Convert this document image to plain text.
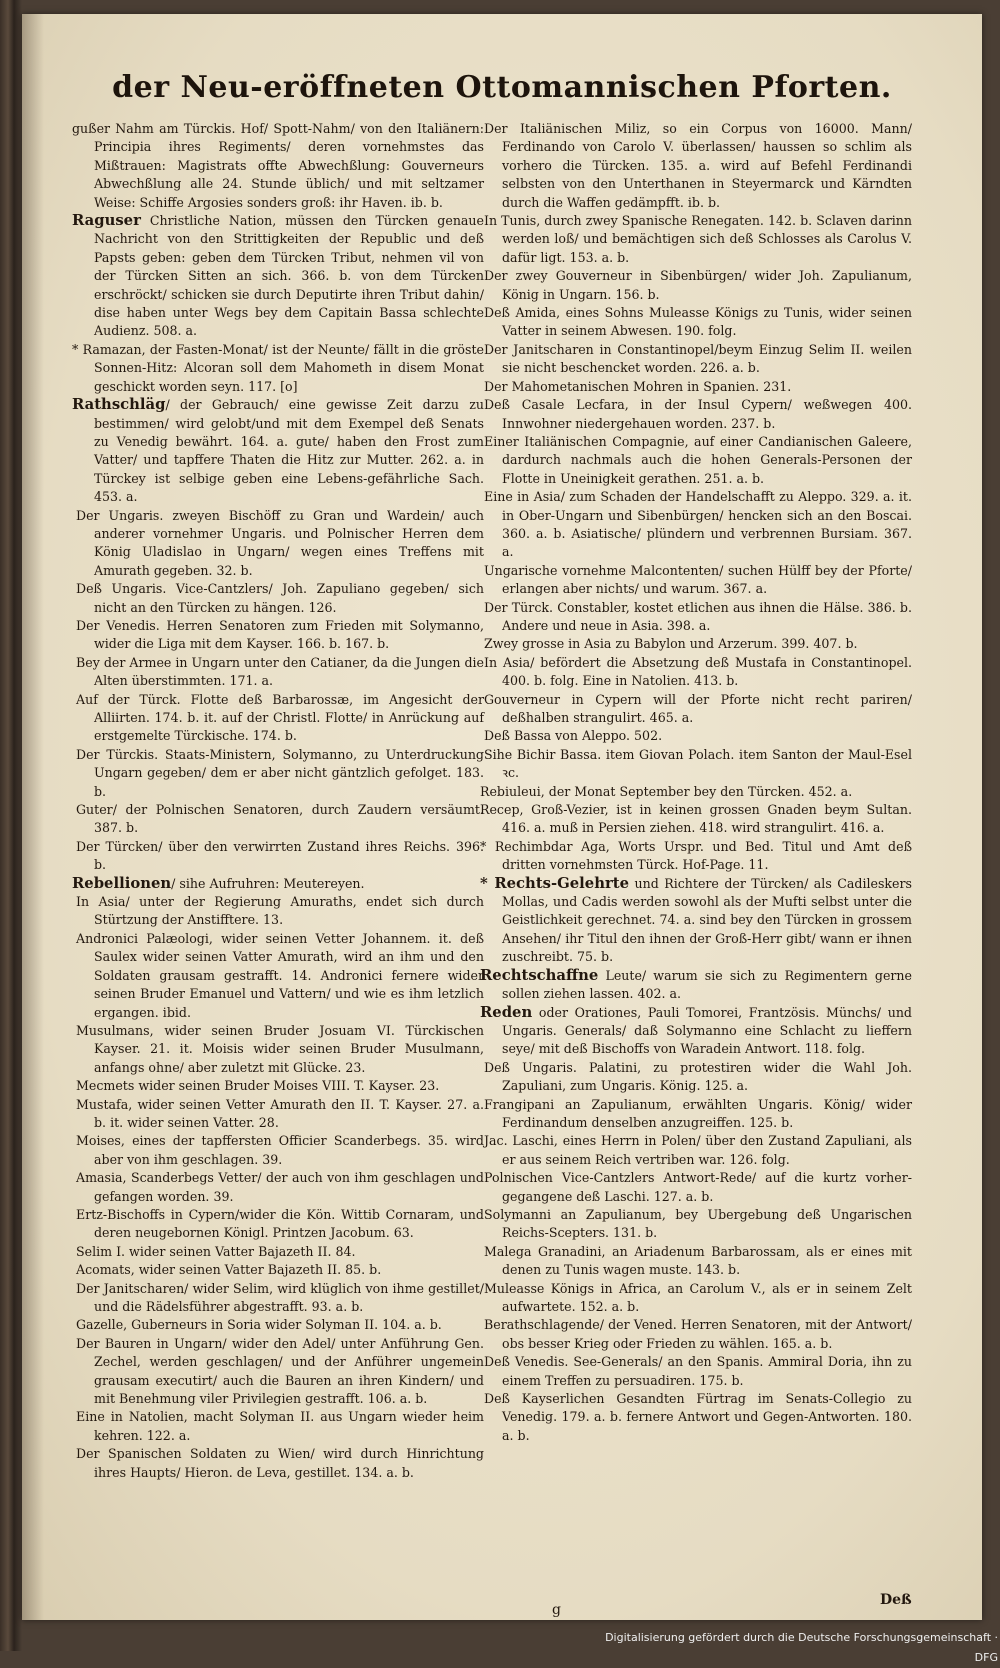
der Neu-eröffneten Ottomannischen Pforten.

gußer Nahm am Türckis. Hof/ Spott-Nahm/ von den Italiänern: Principia ihres Regiments/ deren vornehmstes das Mißtrauen: Magistrats offte Abwechßlung: Gouverneurs Abwechßlung alle 24. Stunde üblich/ und mit seltzamer Weise: Schiffe Argosies sonders groß: ihr Haven. ib. b.

Raguser Christliche Nation, müssen den Türcken genaue Nachricht von den Strittigkeiten der Republic und deß Papsts geben: geben dem Türcken Tribut, nehmen vil von der Türcken Sitten an sich. 366. b. von dem Türcken erschröckt/ schicken sie durch Deputirte ihren Tribut dahin/ dise haben unter Wegs bey dem Capitain Bassa schlechte Audienz. 508. a.

* Ramazan, der Fasten-Monat/ ist der Neunte/ fällt in die gröste Sonnen-Hitz: Alcoran soll dem Mahometh in disem Monat geschickt worden seyn. 117. [o]

Rathschläg/ der Gebrauch/ eine gewisse Zeit darzu zu bestimmen/ wird gelobt/und mit dem Exempel deß Senats zu Venedig bewährt. 164. a. gute/ haben den Frost zum Vatter/ und tapffere Thaten die Hitz zur Mutter. 262. a. in Türckey ist selbige geben eine Lebens-gefährliche Sach. 453. a.

Der Ungaris. zweyen Bischöff zu Gran und Wardein/ auch anderer vornehmer Ungaris. und Polnischer Herren dem König Uladislao in Ungarn/ wegen eines Treffens mit Amurath gegeben. 32. b.

Deß Ungaris. Vice-Cantzlers/ Joh. Zapuliano gegeben/ sich nicht an den Türcken zu hängen. 126.

Der Venedis. Herren Senatoren zum Frieden mit Solymanno, wider die Liga mit dem Kayser. 166. b. 167. b.

Bey der Armee in Ungarn unter den Catianer, da die Jungen die Alten überstimmten. 171. a.

Auf der Türck. Flotte deß Barbarossæ, im Angesicht der Alliirten. 174. b. it. auf der Christl. Flotte/ in Anrückung auf erstgemelte Türckische. 174. b.

Der Türckis. Staats-Ministern, Solymanno, zu Unterdruckung Ungarn gegeben/ dem er aber nicht gäntzlich gefolget. 183. b.

Guter/ der Polnischen Senatoren, durch Zaudern versäumt. 387. b.

Der Türcken/ über den verwirrten Zustand ihres Reichs. 396. b.

Rebellionen/ sihe Aufruhren: Meutereyen.

In Asia/ unter der Regierung Amuraths, endet sich durch Stürtzung der Anstifftere. 13.

Andronici Palæologi, wider seinen Vetter Johannem. it. deß Saulex wider seinen Vatter Amurath, wird an ihm und den Soldaten grausam gestrafft. 14. Andronici fernere wider seinen Bruder Emanuel und Vattern/ und wie es ihm letzlich ergangen. ibid.

Musulmans, wider seinen Bruder Josuam VI. Türckischen Kayser. 21. it. Moisis wider seinen Bruder Musulmann, anfangs ohne/ aber zuletzt mit Glücke. 23.

Mecmets wider seinen Bruder Moises VIII. T. Kayser. 23.

Mustafa, wider seinen Vetter Amurath den II. T. Kayser. 27. a. b. it. wider seinen Vatter. 28.

Moises, eines der tapffersten Officier Scanderbegs. 35. wird aber von ihm geschlagen. 39.

Amasia, Scanderbegs Vetter/ der auch von ihm geschlagen und gefangen worden. 39.

Ertz-Bischoffs in Cypern/wider die Kön. Wittib Cornaram, und deren neugebornen Königl. Printzen Jacobum. 63.

Selim I. wider seinen Vatter Bajazeth II. 84.

Acomats, wider seinen Vatter Bajazeth II. 85. b.

Der Janitscharen/ wider Selim, wird klüglich von ihme gestillet/ und die Rädelsführer abgestrafft. 93. a. b.

Gazelle, Guberneurs in Soria wider Solyman II. 104. a. b.

Der Bauren in Ungarn/ wider den Adel/ unter Anführung Gen. Zechel, werden geschlagen/ und der Anführer ungemein grausam executirt/ auch die Bauren an ihren Kindern/ und mit Benehmung viler Privilegien gestrafft. 106. a. b.

Eine in Natolien, macht Solyman II. aus Ungarn wieder heim kehren. 122. a.

Der Spanischen Soldaten zu Wien/ wird durch Hinrichtung ihres Haupts/ Hieron. de Leva, gestillet. 134. a. b.

Der Italiänischen Miliz, so ein Corpus von 16000. Mann/ Ferdinando von Carolo V. überlassen/ haussen so schlim als vorhero die Türcken. 135. a. wird auf Befehl Ferdinandi selbsten von den Unterthanen in Steyermarck und Kärndten durch die Waffen gedämpfft. ib. b.

In Tunis, durch zwey Spanische Renegaten. 142. b. Sclaven darinn werden loß/ und bemächtigen sich deß Schlosses als Carolus V. dafür ligt. 153. a. b.

Der zwey Gouverneur in Sibenbürgen/ wider Joh. Zapulianum, König in Ungarn. 156. b.

Deß Amida, eines Sohns Muleasse Königs zu Tunis, wider seinen Vatter in seinem Abwesen. 190. folg.

Der Janitscharen in Constantinopel/beym Einzug Selim II. weilen sie nicht beschencket worden. 226. a. b.

Der Mahometanischen Mohren in Spanien. 231.

Deß Casale Lecfara, in der Insul Cypern/ weßwegen 400. Innwohner niedergehauen worden. 237. b.

Einer Italiänischen Compagnie, auf einer Candianischen Galeere, dardurch nachmals auch die hohen Generals-Personen der Flotte in Uneinigkeit gerathen. 251. a. b.

Eine in Asia/ zum Schaden der Handelschafft zu Aleppo. 329. a. it. in Ober-Ungarn und Sibenbürgen/ hencken sich an den Boscai. 360. a. b. Asiatische/ plündern und verbrennen Bursiam. 367. a.

Ungarische vornehme Malcontenten/ suchen Hülff bey der Pforte/ erlangen aber nichts/ und warum. 367. a.

Der Türck. Constabler, kostet etlichen aus ihnen die Hälse. 386. b. Andere und neue in Asia. 398. a.

Zwey grosse in Asia zu Babylon und Arzerum. 399. 407. b.

In Asia/ befördert die Absetzung deß Mustafa in Constantinopel. 400. b. folg. Eine in Natolien. 413. b.

Gouverneur in Cypern will der Pforte nicht recht pariren/ deßhalben strangulirt. 465. a.

Deß Bassa von Aleppo. 502.

Sihe Bichir Bassa. item Giovan Polach. item Santon der Maul-Esel ꝛc.

Rebiuleui, der Monat September bey den Türcken. 452. a.

Recep, Groß-Vezier, ist in keinen grossen Gnaden beym Sultan. 416. a. muß in Persien ziehen. 418. wird strangulirt. 416. a.

* Rechimbdar Aga, Worts Urspr. und Bed. Titul und Amt deß dritten vornehmsten Türck. Hof-Page. 11.

* Rechts-Gelehrte und Richtere der Türcken/ als Cadileskers Mollas, und Cadis werden sowohl als der Mufti selbst unter die Geistlichkeit gerechnet. 74. a. sind bey den Türcken in grossem Ansehen/ ihr Titul den ihnen der Groß-Herr gibt/ wann er ihnen zuschreibt. 75. b.

Rechtschaffne Leute/ warum sie sich zu Regimentern gerne sollen ziehen lassen. 402. a.

Reden oder Orationes, Pauli Tomorei, Frantzösis. Münchs/ und Ungaris. Generals/ daß Solymanno eine Schlacht zu lieffern seye/ mit deß Bischoffs von Waradein Antwort. 118. folg.

Deß Ungaris. Palatini, zu protestiren wider die Wahl Joh. Zapuliani, zum Ungaris. König. 125. a.

Frangipani an Zapulianum, erwählten Ungaris. König/ wider Ferdinandum denselben anzugreiffen. 125. b.

Jac. Laschi, eines Herrn in Polen/ über den Zustand Zapuliani, als er aus seinem Reich vertriben war. 126. folg.

Polnischen Vice-Cantzlers Antwort-Rede/ auf die kurtz vorher-gegangene deß Laschi. 127. a. b.

Solymanni an Zapulianum, bey Ubergebung deß Ungarischen Reichs-Scepters. 131. b.

Malega Granadini, an Ariadenum Barbarossam, als er eines mit denen zu Tunis wagen muste. 143. b.

Muleasse Königs in Africa, an Carolum V., als er in seinem Zelt aufwartete. 152. a. b.

Berathschlagende/ der Vened. Herren Senatoren, mit der Antwort/ obs besser Krieg oder Frieden zu wählen. 165. a. b.

Deß Venedis. See-Generals/ an den Spanis. Ammiral Doria, ihn zu einem Treffen zu persuadiren. 175. b.

Deß Kayserlichen Gesandten Fürtrag im Senats-Collegio zu Venedig. 179. a. b. fernere Antwort und Gegen-Antworten. 180. a. b.

g
Deß
Digitalisierung gefördert durch die Deutsche Forschungsgemeinschaft · DFG
